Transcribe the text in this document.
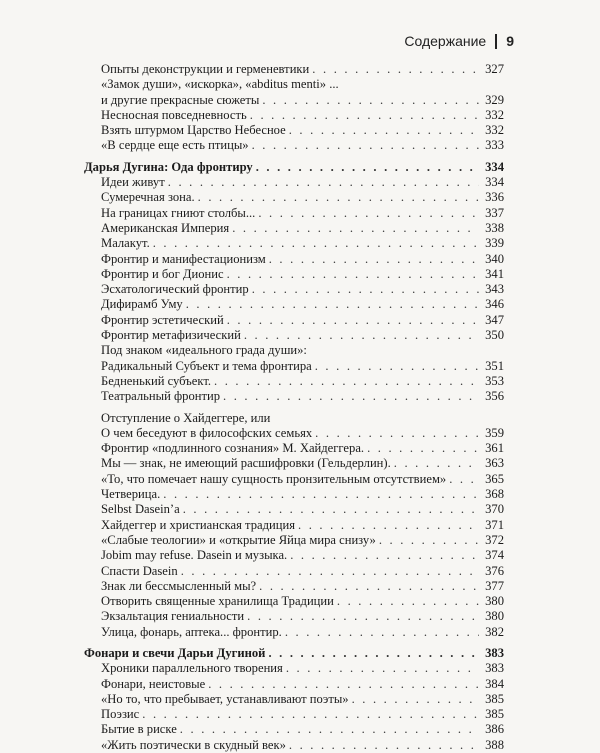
Содержание 9
Опыты деконструкции и герменевтики . . .	327
«Замок души», «искорка», «abditus menti» ...
и другие прекрасные сюжеты . . .	329
Несносная повседневность . . .	332
Взять штурмом Царство Небесное . . .	332
«В сердце еще есть птицы» . . .	333
Дарья Дугина: Ода фронтиру . . .	334
Идеи живут . . .	334
Сумеречная зона. . . .	336
На границах гниют столбы... . . .	337
Американская Империя . . .	338
Малакут. . . .	339
Фронтир и манифестационизм . . .	340
Фронтир и бог Дионис . . .	341
Эсхатологический фронтир . . .	343
Дифирамб Уму . . .	346
Фронтир эстетический . . .	347
Фронтир метафизический . . .	350
Под знаком «идеального града души»:
Радикальный Субъект и тема фронтира . . .	351
Бедненький субъект. . . .	353
Театральный фронтир . . .	356
Отступление о Хайдеггере, или
О чем беседуют в философских семьях . . .	359
Фронтир «подлинного сознания» М. Хайдеггера. . . .	361
Мы — знак, не имеющий расшифровки (Гельдерлин). . . .	363
«То, что помечает нашу сущность пронзительным отсутствием» . . .	365
Четверица. . . .	368
Selbst Dasein’а . . .	370
Хайдеггер и христианская традиция . . .	371
«Слабые теологии» и «открытие Яйца мира снизу» . . .	372
Jobim may refuse. Dasein и музыка. . . .	374
Спасти Dasein . . .	376
Знак ли бессмысленный мы? . . .	377
Отворить священные хранилища Традиции . . .	380
Экзальтация гениальности . . .	380
Улица, фонарь, аптека... фронтир. . . .	382
Фонари и свечи Дарьи Дугиной . . .	383
Хроники параллельного творения . . .	383
Фонари, неистовые . . .	384
«Но то, что пребывает, устанавливают поэты» . . .	385
Поэзис . . .	385
Бытие в риске . . .	386
«Жить поэтически в скудный век» . . .	388
